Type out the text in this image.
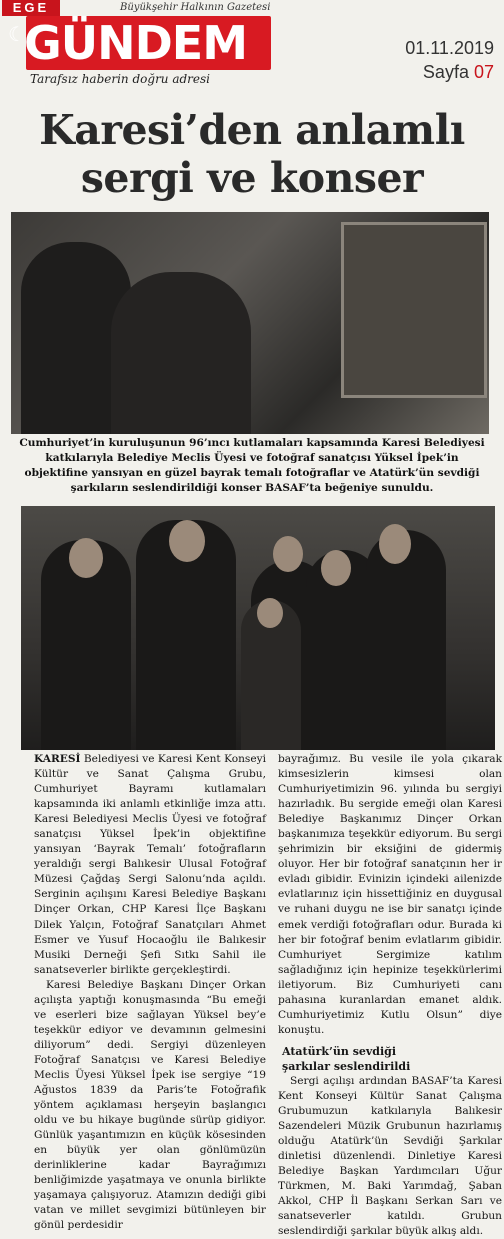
EGE	Büyükşehir Halkının Gazetesi
☾
GÜNDEM
Tarafsız haberin doğru adresi
01.11.2019
Sayfa 07
Karesi’den anlamlı
sergi ve konser
Cumhuriyet’in kuruluşunun 96’ıncı kutlamaları kapsamında Karesi Belediyesi katkılarıyla Belediye Meclis Üyesi ve fotoğraf sanatçısı Yüksel İpek’in objektifine yansıyan en güzel bayrak temalı fotoğraflar ve Atatürk’ün sevdiği şarkıların seslendirildiği konser BASAF’ta beğeniye sunuldu.

KARESİ Belediyesi ve Karesi Kent Konseyi Kültür ve Sanat Çalışma Grubu, Cumhuriyet Bayramı kutlamaları kapsamında iki anlamlı etkinliğe imza attı. Karesi Belediyesi Meclis Üyesi ve fotoğraf sanatçısı Yüksel İpek’in objektifine yansıyan ‘Bayrak Temalı’ fotoğrafların yeraldığı sergi Balıkesir Ulusal Fotoğraf Müzesi Çağdaş Sergi Salonu’nda açıldı. Serginin açılışını Karesi Belediye Başkanı Dinçer Orkan, CHP Karesi İlçe Başkanı Dilek Yalçın, Fotoğraf Sanatçıları Ahmet Esmer ve Yusuf Hocaoğlu ile Balıkesir Musiki Derneği Şefi Sıtkı Sahil ile sanatseverler birlikte gerçekleştirdi.

Karesi Belediye Başkanı Dinçer Orkan açılışta yaptığı konuşmasında “Bu emeği ve eserleri bize sağlayan Yüksel bey’e teşekkür ediyor ve devamının gelmesini diliyorum” dedi. Sergiyi düzenleyen Fotoğraf Sanatçısı ve Karesi Belediye Meclis Üyesi Yüksel İpek ise sergiye “19 Ağustos 1839 da Paris’te Fotoğrafik yöntem açıklaması herşeyin başlangıcı oldu ve bu hikaye bugünde sürüp gidiyor. Günlük yaşantımızın en küçük kösesinden en büyük yer olan gönlümüzün derinliklerine kadar Bayrağımızı benliğimizde yaşatmaya ve onunla birlikte yaşamaya çalışıyoruz. Atamızın dediği gibi vatan ve millet sevgimizi bütünleyen bir gönül perdesidir

bayrağımız. Bu vesile ile yola çıkarak kimsesizlerin kimsesi olan Cumhuriyetimizin 96. yılında bu sergiyi hazırladık. Bu sergide emeği olan Karesi Belediye Başkanımız Dinçer Orkan başkanımıza teşekkür ediyorum. Bu sergi şehrimizin bir eksiğini de gidermiş oluyor. Her bir fotoğraf sanatçının her ir evladı gibidir. Evinizin içindeki ailenizde evlatlarınız için hissettiğiniz en duygusal ve ruhani duygu ne ise bir sanatçı içinde emek verdiği fotoğrafları odur. Burada ki her bir fotoğraf benim evlatlarım gibidir. Cumhuriyet Sergimize katılım sağladığınız için hepinize teşekkürlerimi iletiyorum. Biz Cumhuriyeti canı pahasına kuranlardan emanet aldık. Cumhuriyetimiz Kutlu Olsun” diye konuştu.

Atatürk’ün sevdiği
şarkılar seslendirildi

Sergi açılışı ardından BASAF’ta Karesi Kent Konseyi Kültür Sanat Çalışma Grubumuzun katkılarıyla Balıkesir Sazendeleri Müzik Grubunun hazırlamış olduğu Atatürk’ün Sevdiği Şarkılar dinletisi düzenlendi. Dinletiye Karesi Belediye Başkan Yardımcıları Uğur Türkmen, M. Baki Yarımdağ, Şaban Akkol, CHP İl Başkanı Serkan Sarı ve sanatseverler katıldı. Grubun seslendirdiği şarkılar büyük alkış aldı.
